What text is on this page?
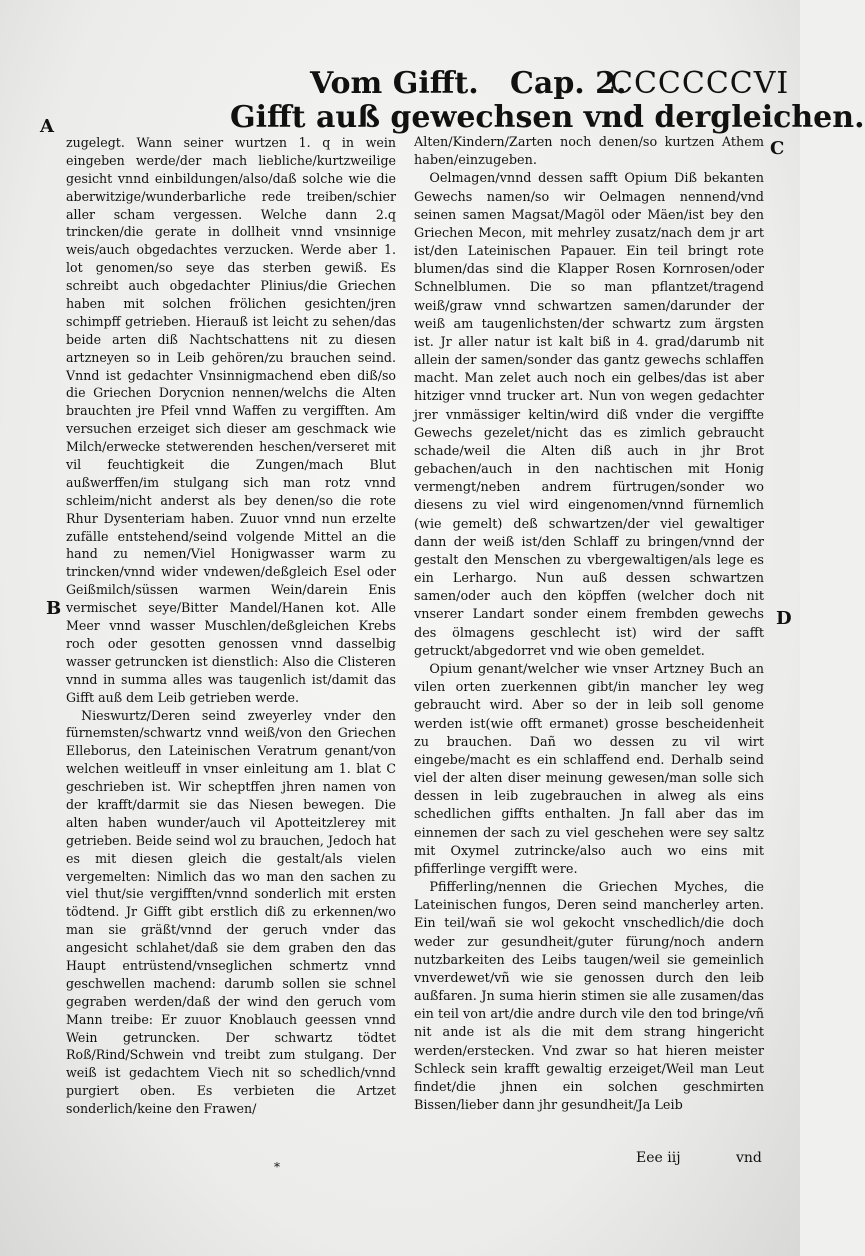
Vom Gifft. Cap. 2.
CCCCCCVI
Gifft auß gewechsen vnd dergleichen.
A
C
B	D

zugelegt. Wann seiner wurtzen 1. q in wein eingeben werde/der mach liebliche/kurtzweilige gesicht vnnd einbildungen/also/daß solche wie die aberwitzige/wunderbarliche rede treiben/schier aller scham vergessen. Welche dann 2.q trincken/die gerate in dollheit vnnd vnsinnige weis/auch obgedachtes verzucken. Werde aber 1. lot genomen/so seye das sterben gewiß. Es schreibt auch obgedachter Plinius/die Griechen haben mit solchen frölichen gesichten/jren schimpff getrieben. Hierauß ist leicht zu sehen/das beide arten diß Nachtschattens nit zu diesen artzneyen so in Leib gehören/zu brauchen seind. Vnnd ist gedachter Vnsinnigmachend eben diß/so die Griechen Dorycnion nennen/welchs die Alten brauchten jre Pfeil vnnd Waffen zu vergifften. Am versuchen erzeiget sich dieser am geschmack wie Milch/erwecke stetwerenden heschen/verseret mit vil feuchtigkeit die Zungen/mach Blut außwerffen/im stulgang sich man rotz vnnd schleim/nicht anderst als bey denen/so die rote Rhur Dysenteriam haben. Zuuor vnnd nun erzelte zufälle entstehend/seind volgende Mittel an die hand zu nemen/Viel Honigwasser warm zu trincken/vnnd wider vndewen/deßgleich Esel oder Geißmilch/süssen warmen Wein/darein Enis vermischet seye/Bitter Mandel/Hanen kot. Alle Meer vnnd wasser Muschlen/deßgleichen Krebs roch oder gesotten genossen vnnd dasselbig wasser getruncken ist dienstlich: Also die Clisteren vnnd in summa alles was taugenlich ist/damit das Gifft auß dem Leib getrieben werde.

Nieswurtz/Deren seind zweyerley vnder den fürnemsten/schwartz vnnd weiß/von den Griechen Elleborus, den Lateinischen Veratrum genant/von welchen weitleuff in vnser einleitung am 1. blat C geschrieben ist. Wir scheptffen jhren namen von der krafft/darmit sie das Niesen bewegen. Die alten haben wunder/auch vil Apotteitzlerey mit getrieben. Beide seind wol zu brauchen, Jedoch hat es mit diesen gleich die gestalt/als vielen vergemelten: Nimlich das wo man den sachen zu viel thut/sie vergifften/vnnd sonderlich mit ersten tödtend. Jr Gifft gibt erstlich diß zu erkennen/wo man sie gräßt/vnnd der geruch vnder das angesicht schlahet/daß sie dem graben den das Haupt entrüstend/vnseglichen schmertz vnnd geschwellen machend: darumb sollen sie schnel gegraben werden/daß der wind den geruch vom Mann treibe: Er zuuor Knoblauch geessen vnnd Wein getruncken. Der schwartz tödtet Roß/Rind/Schwein vnd treibt zum stulgang. Der weiß ist gedachtem Viech nit so schedlich/vnnd purgiert oben. Es verbieten die Artzet sonderlich/keine den Frawen/

Alten/Kindern/Zarten noch denen/so kurtzen Athem haben/einzugeben.

Oelmagen/vnnd dessen safft Opium Diß bekanten Gewechs namen/so wir Oelmagen nennend/vnd seinen samen Magsat/Magöl oder Mäen/ist bey den Griechen Mecon, mit mehrley zusatz/nach dem jr art ist/den Lateinischen Papauer. Ein teil bringt rote blumen/das sind die Klapper Rosen Kornrosen/oder Schnelblumen. Die so man pflantzet/tragend weiß/graw vnnd schwartzen samen/darunder der weiß am taugenlichsten/der schwartz zum ärgsten ist. Jr aller natur ist kalt biß in 4. grad/darumb nit allein der samen/sonder das gantz gewechs schlaffen macht. Man zelet auch noch ein gelbes/das ist aber hitziger vnnd trucker art. Nun von wegen gedachter jrer vnmässiger keltin/wird diß vnder die vergiffte Gewechs gezelet/nicht das es zimlich gebraucht schade/weil die Alten diß auch in jhr Brot gebachen/auch in den nachtischen mit Honig vermengt/neben andrem fürtrugen/sonder wo diesens zu viel wird eingenomen/vnnd fürnemlich (wie gemelt) deß schwartzen/der viel gewaltiger dann der weiß ist/den Schlaff zu bringen/vnnd der gestalt den Menschen zu vbergewaltigen/als lege es ein Lerhargo. Nun auß dessen schwartzen samen/oder auch den köpffen (welcher doch nit vnserer Landart sonder einem frembden gewechs des ölmagens geschlecht ist) wird der safft getruckt/abgedorret vnd wie oben gemeldet.

Opium genant/welcher wie vnser Artzney Buch an vilen orten zuerkennen gibt/in mancher ley weg gebraucht wird. Aber so der in leib soll genome werden ist(wie offt ermanet) grosse bescheidenheit zu brauchen. Dañ wo dessen zu vil wirt eingebe/macht es ein schlaffend end. Derhalb seind viel der alten diser meinung gewesen/man solle sich dessen in leib zugebrauchen in alweg als eins schedlichen giffts enthalten. Jn fall aber das im einnemen der sach zu viel geschehen were sey saltz mit Oxymel zutrincke/also auch wo eins mit pfifferlinge vergifft were.

Pfifferling/nennen die Griechen Myches, die Lateinischen fungos, Deren seind mancherley arten. Ein teil/wañ sie wol gekocht vnschedlich/die doch weder zur gesundheit/guter fürung/noch andern nutzbarkeiten des Leibs taugen/weil sie gemeinlich vnverdewet/vñ wie sie genossen durch den leib außfaren. Jn suma hierin stimen sie alle zusamen/das ein teil von art/die andre durch vile den tod bringe/vñ nit ande ist als die mit dem strang hingericht werden/erstecken. Vnd zwar so hat hieren meister Schleck sein krafft gewaltig erzeiget/Weil man Leut findet/die jhnen ein solchen geschmirten Bissen/lieber dann jhr gesundheit/Ja Leib

*
Eee iij	vnd
